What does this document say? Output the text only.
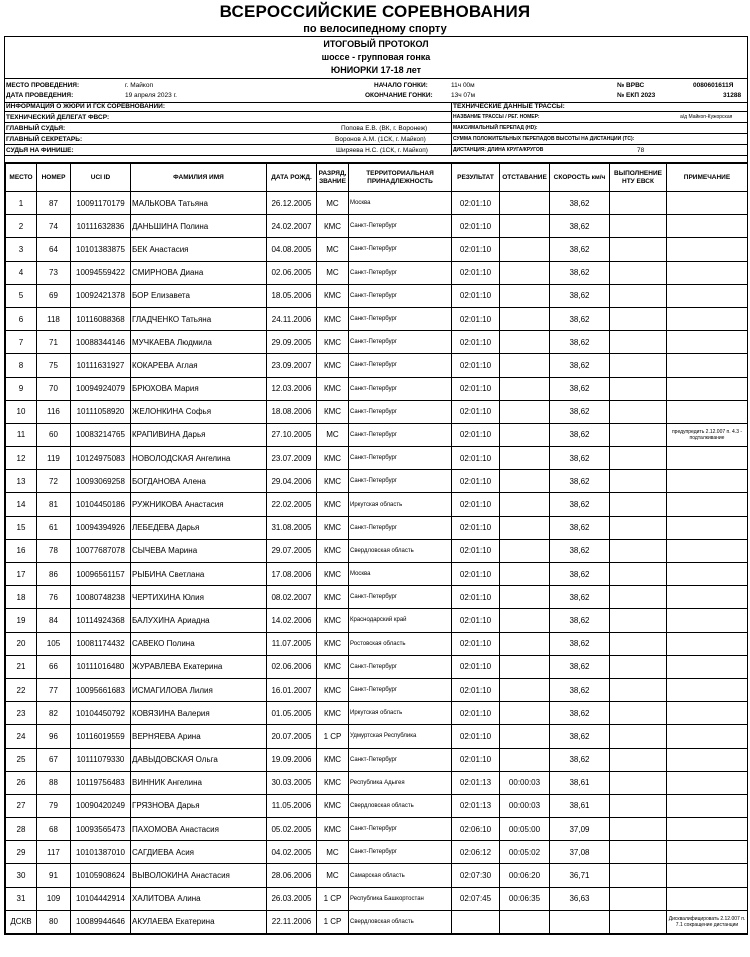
ВСЕРОССИЙСКИЕ СОРЕВНОВАНИЯ
по велосипедному спорту
ИТОГОВЫЙ ПРОТОКОЛ
шоссе - групповая гонка
ЮНИОРКИ 17-18 лет
МЕСТО ПРОВЕДЕНИЯ:	г. Майкоп	НАЧАЛО ГОНКИ:	11ч 00м	№ ВРВС	0080601611Я
ДАТА ПРОВЕДЕНИЯ:	19 апреля 2023 г.	ОКОНЧАНИЕ ГОНКИ:	13ч 07м	№ ЕКП 2023	31288
ИНФОРМАЦИЯ О ЖЮРИ И ГСК СОРЕВНОВАНИЙ:	ТЕХНИЧЕСКИЕ ДАННЫЕ ТРАССЫ:
ТЕХНИЧЕСКИЙ ДЕЛЕГАТ ФВСР:	НАЗВАНИЕ ТРАССЫ / РЕГ. НОМЕР:	а/д Майкоп-Кужорская
ГЛАВНЫЙ СУДЬЯ:	Попова Е.В. (ВК, г. Воронеж)	МАКСИМАЛЬНЫЙ ПЕРЕПАД (HD):
ГЛАВНЫЙ СЕКРЕТАРЬ:	Воронов А.М. (1СК, г. Майкоп)	СУММА ПОЛОЖИТЕЛЬНЫХ ПЕРЕПАДОВ ВЫСОТЫ НА ДИСТАНЦИИ (ТС):
СУДЬЯ НА ФИНИШЕ:	Ширяева Н.С. (1СК, г. Майкоп)	ДИСТАНЦИЯ: ДЛИНА КРУГА/КРУГОВ	78
МЕСТО	НОМЕР	UCI ID	ФАМИЛИЯ ИМЯ	ДАТА РОЖД.	РАЗРЯД, ЗВАНИЕ	ТЕРРИТОРИАЛЬНАЯ ПРИНАДЛЕЖНОСТЬ	РЕЗУЛЬТАТ	ОТСТАВАНИЕ	СКОРОСТЬ км/ч	ВЫПОЛНЕНИЕ НТУ ЕВСК	ПРИМЕЧАНИЕ
1	87	10091170179	МАЛЬКОВА Татьяна	26.12.2005	МС	Москва	02:01:10		38,62		
2	74	10111632836	ДАНЬШИНА Полина	24.02.2007	КМС	Санкт-Петербург	02:01:10		38,62		
3	64	10101383875	БЕК Анастасия	04.08.2005	МС	Санкт-Петербург	02:01:10		38,62		
4	73	10094559422	СМИРНОВА Диана	02.06.2005	МС	Санкт-Петербург	02:01:10		38,62		
5	69	10092421378	БОР Елизавета	18.05.2006	КМС	Санкт-Петербург	02:01:10		38,62		
6	118	10116088368	ГЛАДЧЕНКО Татьяна	24.11.2006	КМС	Санкт-Петербург	02:01:10		38,62		
7	71	10088344146	МУЧКАЕВА Людмила	29.09.2005	КМС	Санкт-Петербург	02:01:10		38,62		
8	75	10111631927	КОКАРЕВА Аглая	23.09.2007	КМС	Санкт-Петербург	02:01:10		38,62		
9	70	10094924079	БРЮХОВА Мария	12.03.2006	КМС	Санкт-Петербург	02:01:10		38,62		
10	116	10111058920	ЖЕЛОНКИНА Софья	18.08.2006	КМС	Санкт-Петербург	02:01:10		38,62		
11	60	10083214765	КРАПИВИНА Дарья	27.10.2005	МС	Санкт-Петербург	02:01:10		38,62		предупредить 2.12.007 п. 4.3 - подталкивание
12	119	10124975083	НОВОЛОДСКАЯ Ангелина	23.07.2009	КМС	Санкт-Петербург	02:01:10		38,62		
13	72	10093069258	БОГДАНОВА Алена	29.04.2006	КМС	Санкт-Петербург	02:01:10		38,62		
14	81	10104450186	РУЖНИКОВА Анастасия	22.02.2005	КМС	Иркутская область	02:01:10		38,62		
15	61	10094394926	ЛЕБЕДЕВА Дарья	31.08.2005	КМС	Санкт-Петербург	02:01:10		38,62		
16	78	10077687078	СЫЧЕВА Марина	29.07.2005	КМС	Свердловская область	02:01:10		38,62		
17	86	10096561157	РЫБИНА Светлана	17.08.2006	КМС	Москва	02:01:10		38,62		
18	76	10080748238	ЧЕРТИХИНА Юлия	08.02.2007	КМС	Санкт-Петербург	02:01:10		38,62		
19	84	10114924368	БАЛУХИНА Ариадна	14.02.2006	КМС	Краснодарский край	02:01:10		38,62		
20	105	10081174432	САВЕКО Полина	11.07.2005	КМС	Ростовская область	02:01:10		38,62		
21	66	10111016480	ЖУРАВЛЕВА Екатерина	02.06.2006	КМС	Санкт-Петербург	02:01:10		38,62		
22	77	10095661683	ИСМАГИЛОВА Лилия	16.01.2007	КМС	Санкт-Петербург	02:01:10		38,62		
23	82	10104450792	КОВЯЗИНА Валерия	01.05.2005	КМС	Иркутская область	02:01:10		38,62		
24	96	10116019559	ВЕРНЯЕВА Арина	20.07.2005	1 СР	Удмуртская Республика	02:01:10		38,62		
25	67	10111079330	ДАВЫДОВСКАЯ Ольга	19.09.2006	КМС	Санкт-Петербург	02:01:10		38,62		
26	88	10119756483	ВИННИК Ангелина	30.03.2005	КМС	Республика Адыгея	02:01:13	00:00:03	38,61		
27	79	10090420249	ГРЯЗНОВА Дарья	11.05.2006	КМС	Свердловская область	02:01:13	00:00:03	38,61		
28	68	10093565473	ПАХОМОВА Анастасия	05.02.2005	КМС	Санкт-Петербург	02:06:10	00:05:00	37,09		
29	117	10101387010	САГДИЕВА Асия	04.02.2005	МС	Санкт-Петербург	02:06:12	00:05:02	37,08		
30	91	10105908624	ВЫВОЛОКИНА Анастасия	28.06.2006	МС	Самарская область	02:07:30	00:06:20	36,71		
31	109	10104442914	ХАЛИТОВА Алина	26.03.2005	1 СР	Республика Башкортостан	02:07:45	00:06:35	36,63		
ДСКВ	80	10089944646	АКУЛАЕВА Екатерина	22.11.2006	1 СР	Свердловская область					Дисквалифицировать 2.12.007 п. 7.1 сокращение дистанции
